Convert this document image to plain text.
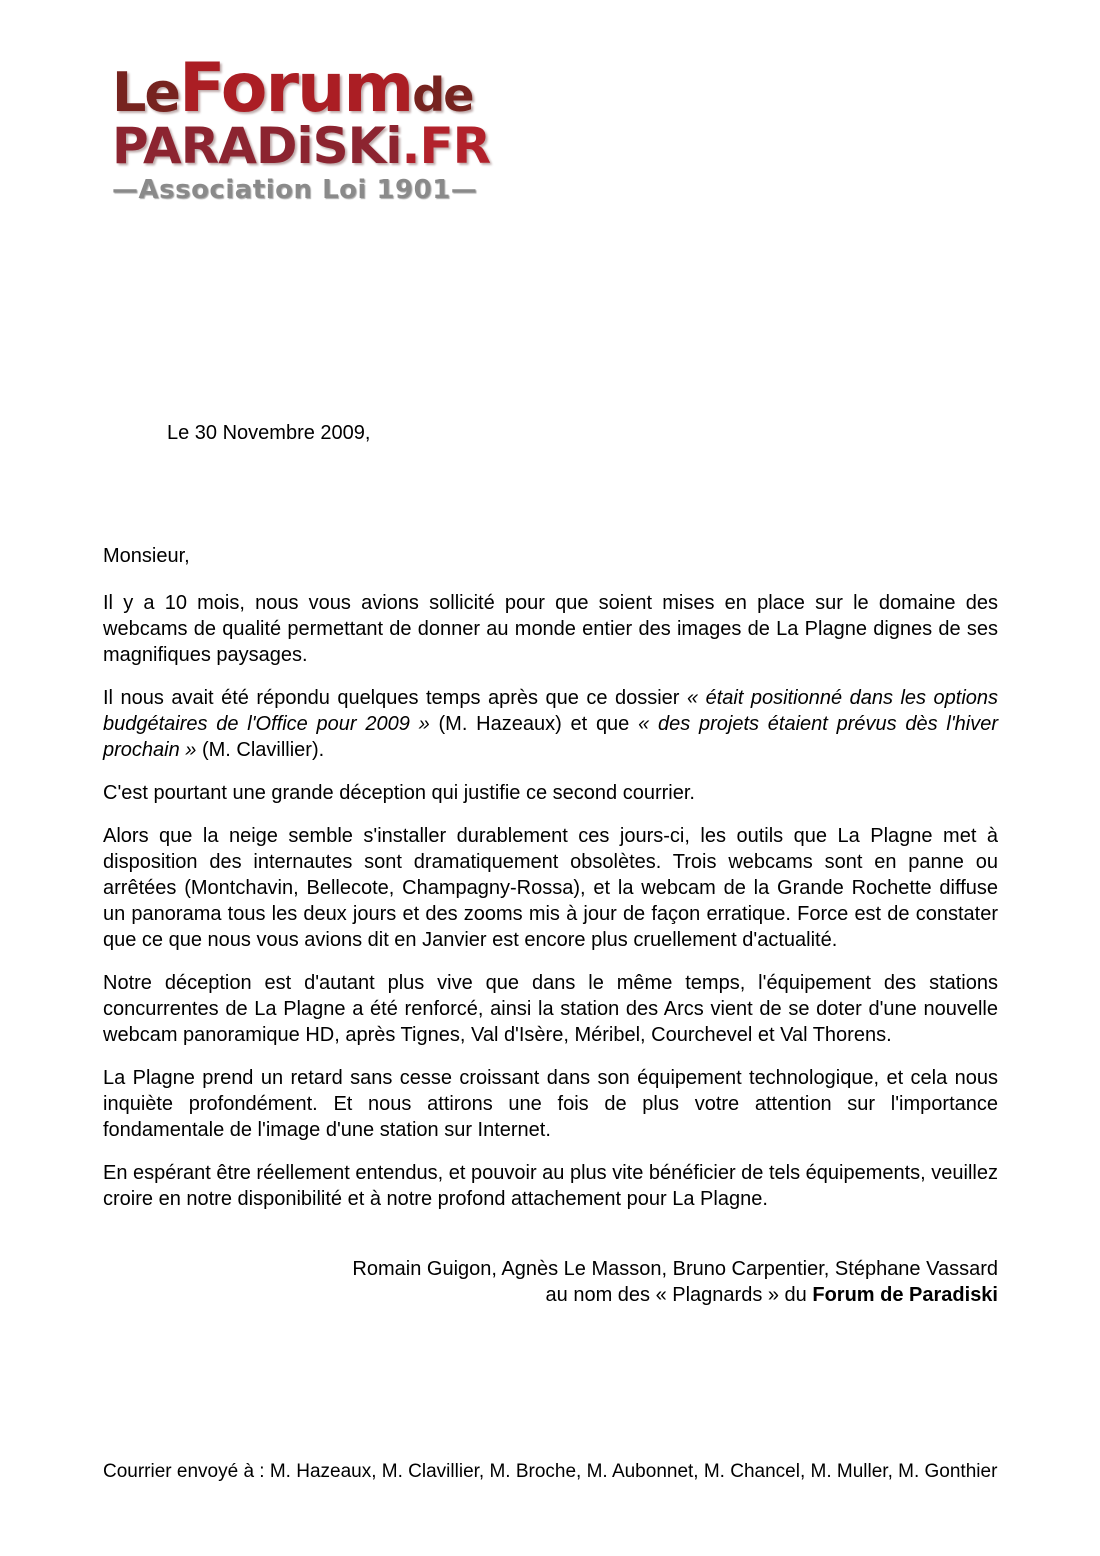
Le Forum de
PARADiSKi.FR
—Association Loi 1901—

Le 30 Novembre 2009,

Monsieur,

Il y a 10 mois, nous vous avions sollicité pour que soient mises en place sur le domaine des webcams de qualité permettant de donner au monde entier des images de La Plagne dignes de ses magnifiques paysages.

Il nous avait été répondu quelques temps après que ce dossier « était positionné dans les options budgétaires de l'Office pour 2009 » (M. Hazeaux) et que « des projets étaient prévus dès l'hiver prochain » (M. Clavillier).

C'est pourtant une grande déception qui justifie ce second courrier.

Alors que la neige semble s'installer durablement ces jours-ci, les outils que La Plagne met à disposition des internautes sont dramatiquement obsolètes. Trois webcams sont en panne ou arrêtées (Montchavin, Bellecote, Champagny-Rossa), et la webcam de la Grande Rochette diffuse un panorama tous les deux jours et des zooms mis à jour de façon erratique. Force est de constater que ce que nous vous avions dit en Janvier est encore plus cruellement d'actualité.

Notre déception est d'autant plus vive que dans le même temps, l'équipement des stations concurrentes de La Plagne a été renforcé, ainsi la station des Arcs vient de se doter d'une nouvelle webcam panoramique HD, après Tignes, Val d'Isère, Méribel, Courchevel et Val Thorens.

La Plagne prend un retard sans cesse croissant dans son équipement technologique, et cela nous inquiète profondément. Et nous attirons une fois de plus votre attention sur l'importance fondamentale de l'image d'une station sur Internet.

En espérant être réellement entendus, et pouvoir au plus vite bénéficier de tels équipements, veuillez croire en notre disponibilité et à notre profond attachement pour La Plagne.

Romain Guigon, Agnès Le Masson, Bruno Carpentier, Stéphane Vassard

au nom des « Plagnards » du Forum de Paradiski

Courrier envoyé à : M. Hazeaux, M. Clavillier, M. Broche, M. Aubonnet, M. Chancel, M. Muller, M. Gonthier
